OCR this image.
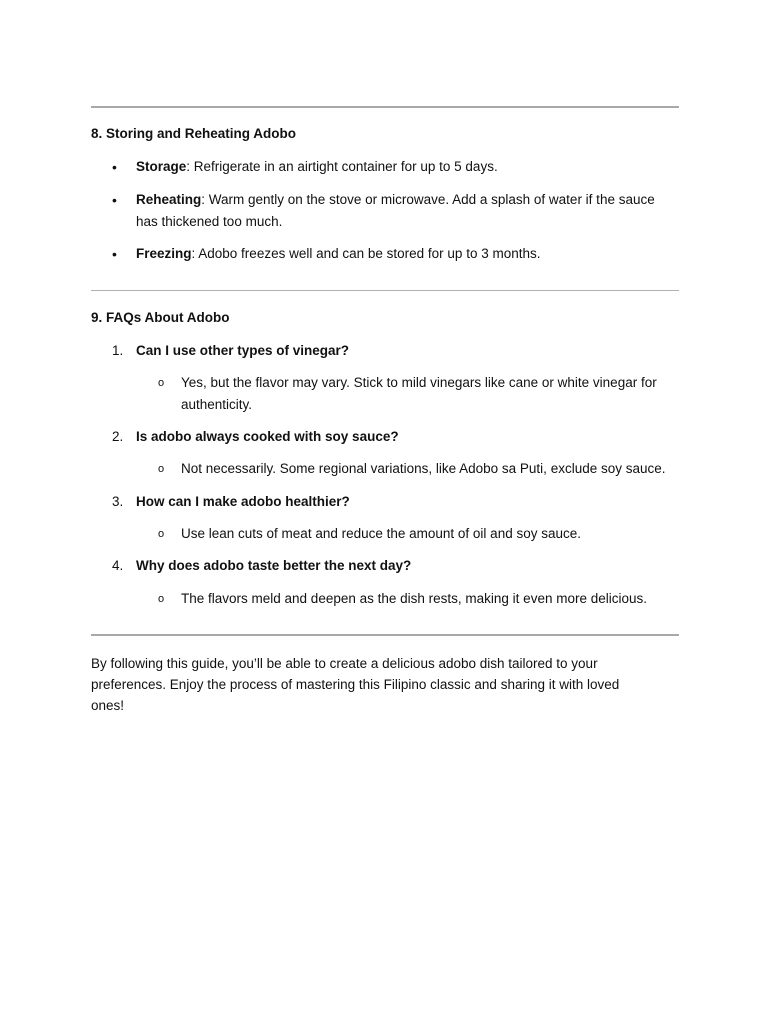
8. Storing and Reheating Adobo
• Storage: Refrigerate in an airtight container for up to 5 days.
• Reheating: Warm gently on the stove or microwave. Add a splash of water if the sauce has thickened too much.
• Freezing: Adobo freezes well and can be stored for up to 3 months.
9. FAQs About Adobo
1. Can I use other types of vinegar?
o Yes, but the flavor may vary. Stick to mild vinegars like cane or white vinegar for authenticity.
2. Is adobo always cooked with soy sauce?
o Not necessarily. Some regional variations, like Adobo sa Puti, exclude soy sauce.
3. How can I make adobo healthier?
o Use lean cuts of meat and reduce the amount of oil and soy sauce.
4. Why does adobo taste better the next day?
o The flavors meld and deepen as the dish rests, making it even more delicious.
By following this guide, you’ll be able to create a delicious adobo dish tailored to your preferences. Enjoy the process of mastering this Filipino classic and sharing it with loved ones!
